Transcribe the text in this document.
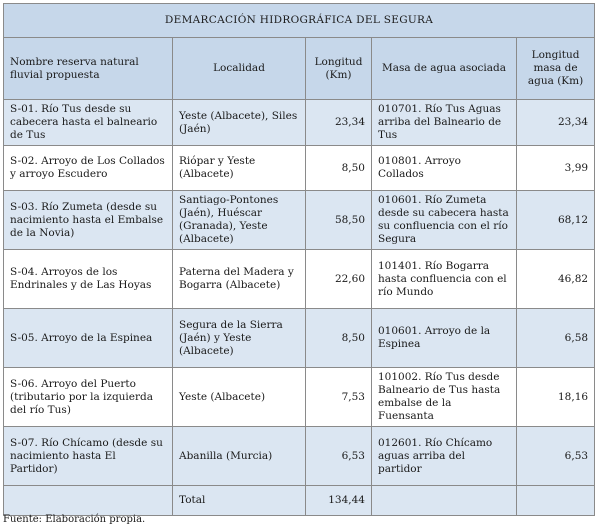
DEMARCACIÓN HIDROGRÁFICA DEL SEGURA				
Nombre reserva natural fluvial propuesta	Localidad	Longitud (Km)	Masa de agua asociada	Longitud masa de agua (Km)
S-01. Río Tus desde su cabecera hasta el balneario de Tus	Yeste (Albacete), Siles (Jaén)	23,34	010701. Río Tus Aguas arriba del Balneario de Tus	23,34
S-02. Arroyo de Los Collados y arroyo Escudero	Riópar y Yeste (Albacete)	8,50	010801. Arroyo Collados	3,99
S-03. Río Zumeta (desde su nacimiento hasta el Embalse de la Novia)	Santiago-Pontones (Jaén), Huéscar (Granada), Yeste (Albacete)	58,50	010601. Río Zumeta desde su cabecera hasta su confluencia con el río Segura	68,12
S-04. Arroyos de los Endrinales y de Las Hoyas	Paterna del Madera y Bogarra (Albacete)	22,60	101401. Río Bogarra hasta confluencia con el río Mundo	46,82
S-05. Arroyo de la Espinea	Segura de la Sierra (Jaén) y Yeste (Albacete)	8,50	010601. Arroyo de la Espinea	6,58
S-06. Arroyo del Puerto (tributario por la izquierda del río Tus)	Yeste (Albacete)	7,53	101002. Río Tus desde Balneario de Tus hasta embalse de la Fuensanta	18,16
S-07. Río Chícamo (desde su nacimiento hasta El Partidor)	Abanilla (Murcia)	6,53	012601. Río Chícamo aguas arriba del partidor	6,53
	Total	134,44		
Fuente: Elaboración propia.
